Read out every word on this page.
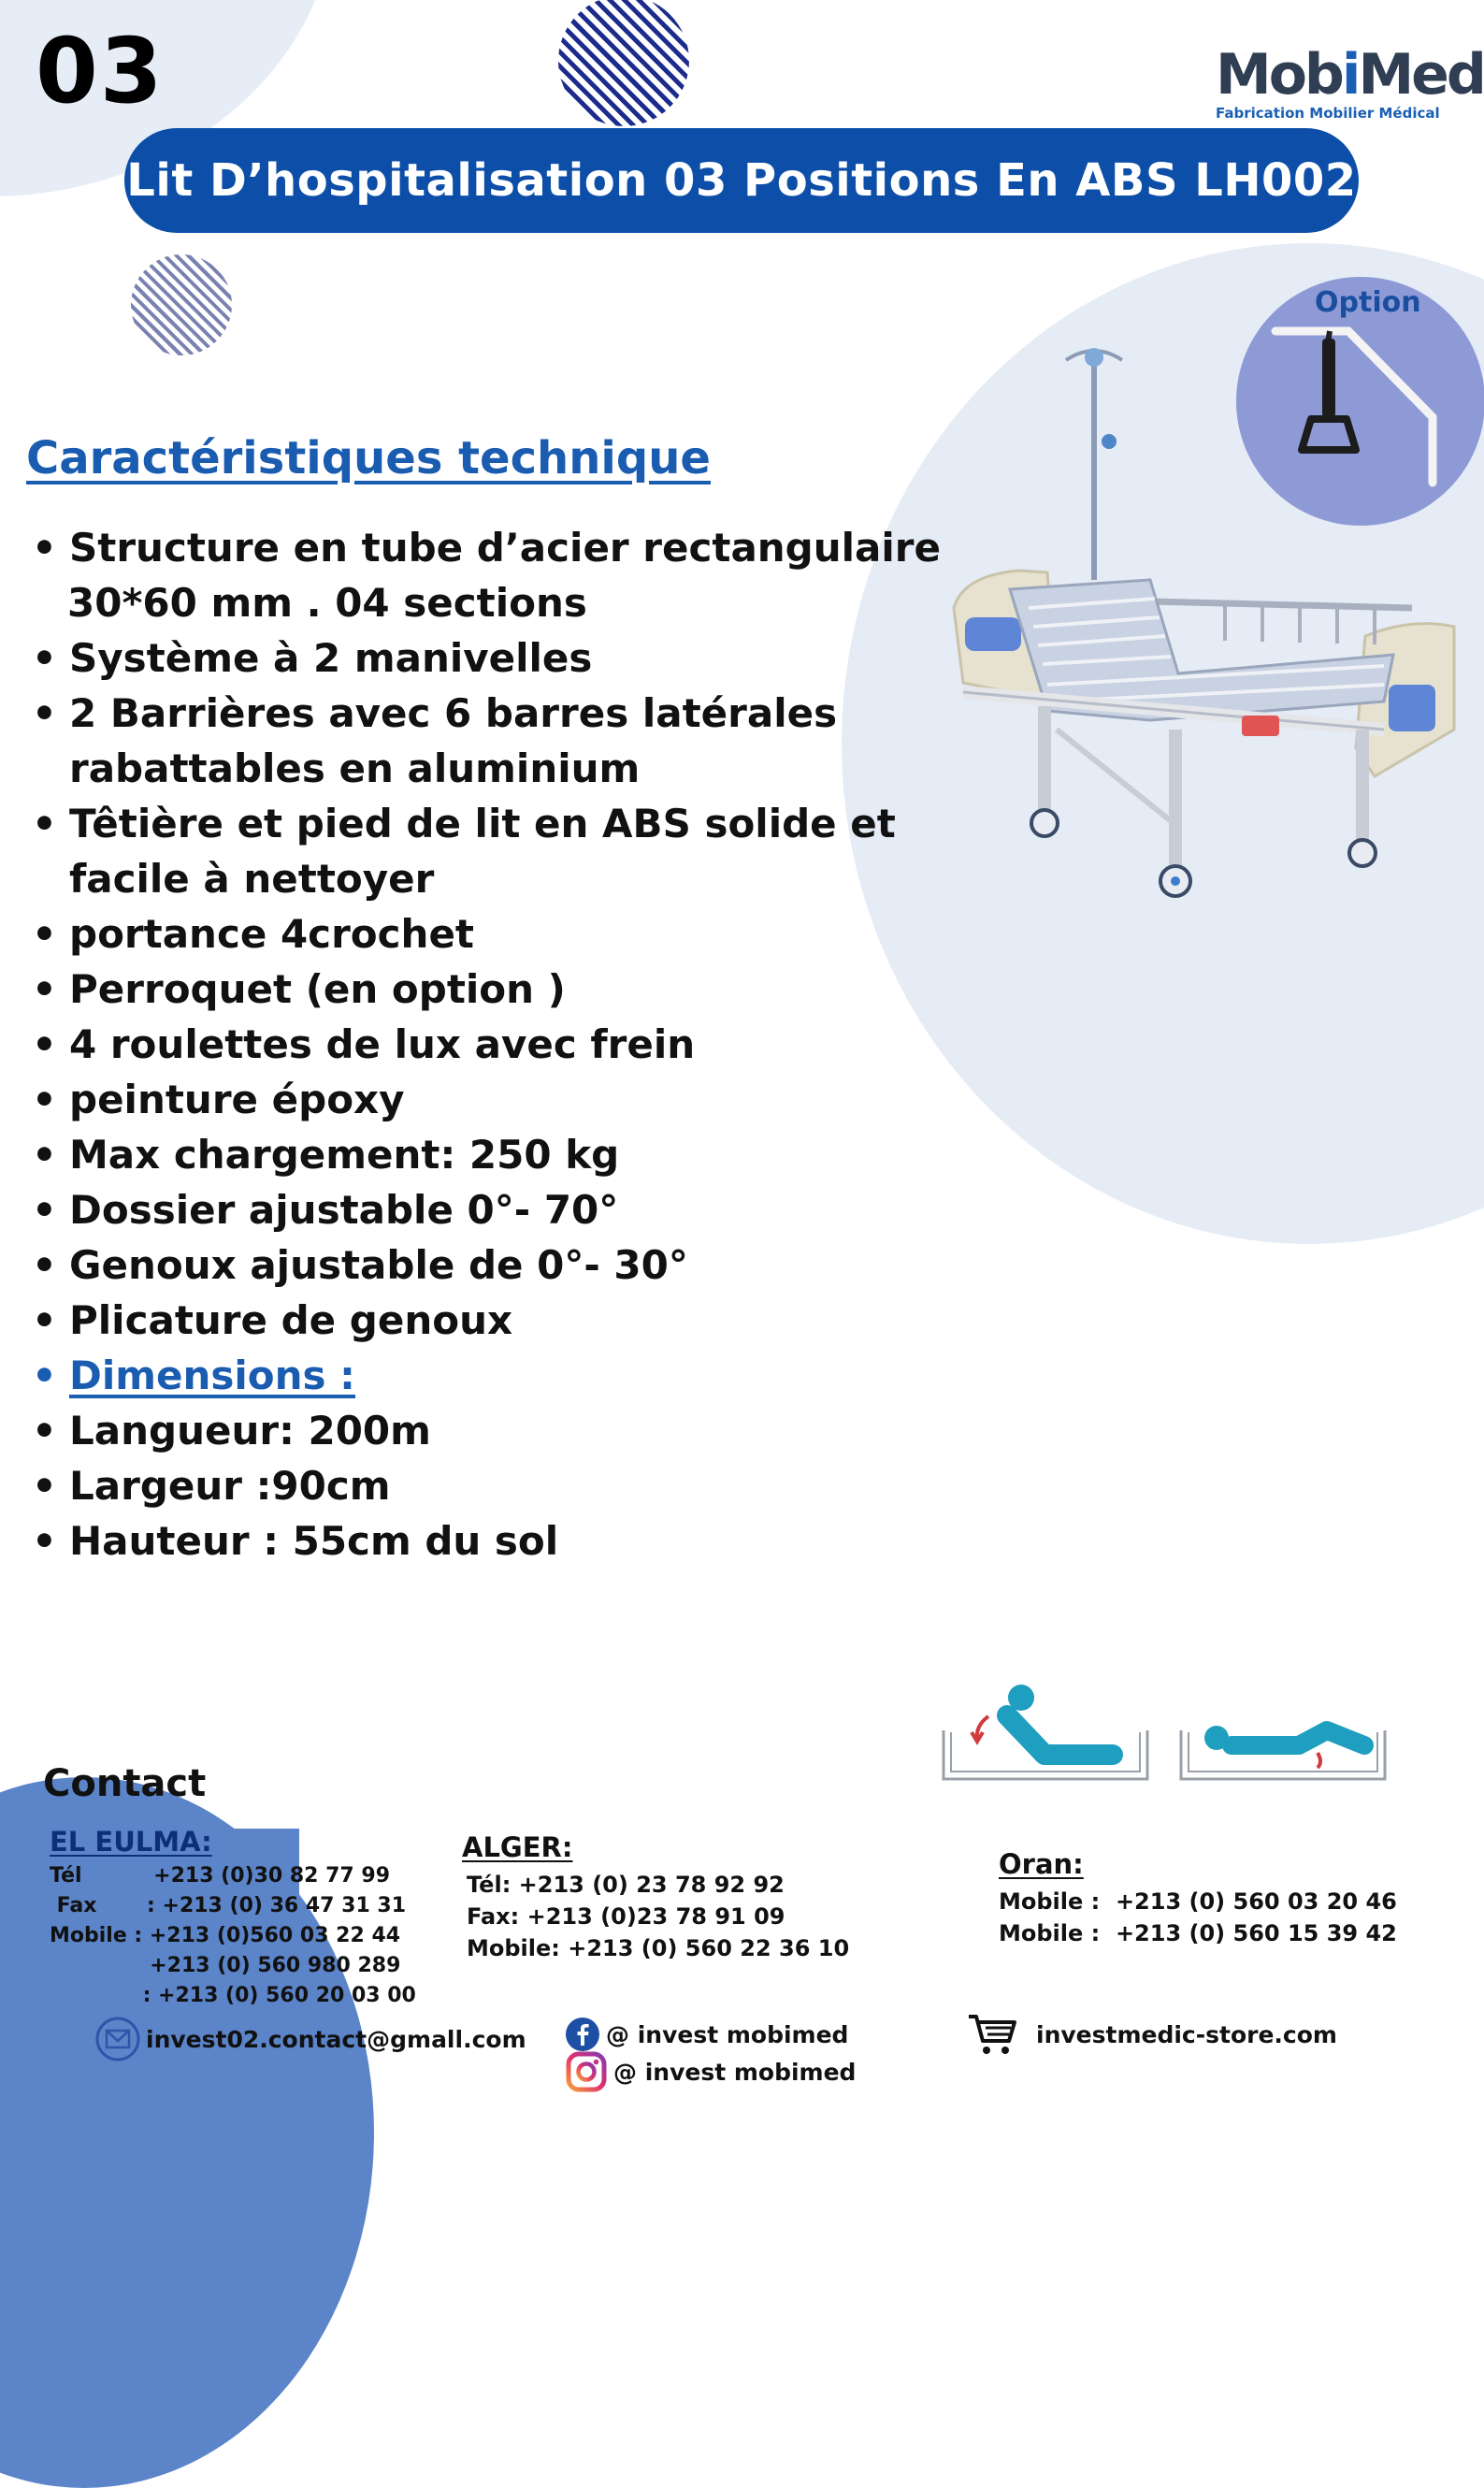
03	MobiMed
Fabrication Mobilier Médical
Lit D’hospitalisation 03 Positions En ABS LH002
Option
Caractéristiques technique
• Structure en tube d’acier rectangulaire
30*60 mm . 04 sections
• Système à 2 manivelles
• 2 Barrières avec 6 barres latérales
rabattables en aluminium
• Têtière et pied de lit en ABS solide et
facile à nettoyer
• portance 4crochet
• Perroquet (en option )
• 4 roulettes de lux avec frein
• peinture époxy
• Max chargement: 250 kg
• Dossier ajustable 0°- 70°
• Genoux ajustable de 0°- 30°
• Plicature de genoux
• Dimensions :
• Langueur: 200m
• Largeur :90cm
• Hauteur : 55cm du sol
Contact
EL EULMA:
Tél          +213 (0)30 82 77 99
Fax       : +213 (0) 36 47 31 31
Mobile : +213 (0)560 03 22 44
+213 (0) 560 980 289
: +213 (0) 560 20 03 00
ALGER:
Tél: +213 (0) 23 78 92 92
Fax: +213 (0)23 78 91 09
Mobile: +213 (0) 560 22 36 10
Oran:
Mobile :  +213 (0) 560 03 20 46
Mobile :  +213 (0) 560 15 39 42
invest02.contact@gmall.com	@ invest mobimed
@ invest mobimed
investmedic-store.com
